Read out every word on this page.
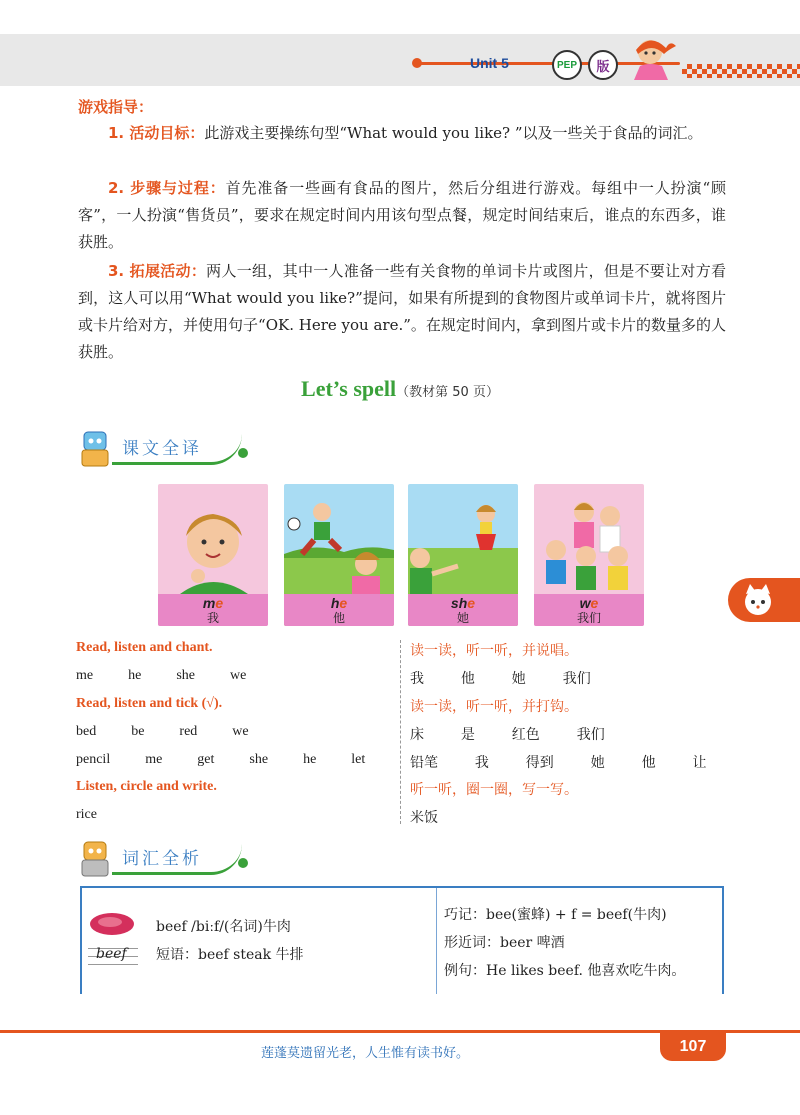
Unit 5	PEP	版
游戏指导：
1. 活动目标：此游戏主要操练句型“What would you like? ”以及一些关于食品的词汇。
2. 步骤与过程：首先准备一些画有食品的图片，然后分组进行游戏。每组中一人扮演“顾客”，一人扮演“售货员”，要求在规定时间内用该句型点餐，规定时间结束后，谁点的东西多，谁获胜。
3. 拓展活动：两人一组，其中一人准备一些有关食物的单词卡片或图片，但是不要让对方看到，这人可以用“What would you like?”提问，如果有所提到的食物图片或单词卡片，就将图片或卡片给对方，并使用句子“OK. Here you are.”。在规定时间内，拿到图片或卡片的数量多的人获胜。
Let’s spell（教材第 50 页）
课文全译
me
我
he
他
she
她
we
我们
Read, listen and chant.
me  he  she  we
Read, listen and tick (√).
bed  be  red  we
pencil  me  get  she  he  let
Listen, circle and write.
rice
读一读，听一听，并说唱。
我  他  她  我们
读一读，听一听，并打钩。
床  是  红色  我们
铅笔  我  得到  她  他  让
听一听，圈一圈，写一写。
米饭
词汇全析
beef
beef /biːf/(名词)牛肉
短语：beef steak 牛排
巧记：bee(蜜蜂) + f = beef(牛肉)
形近词：beer 啤酒
例句：He likes beef. 他喜欢吃牛肉。
莲蓬莫遗留光老，人生惟有读书好。	107
